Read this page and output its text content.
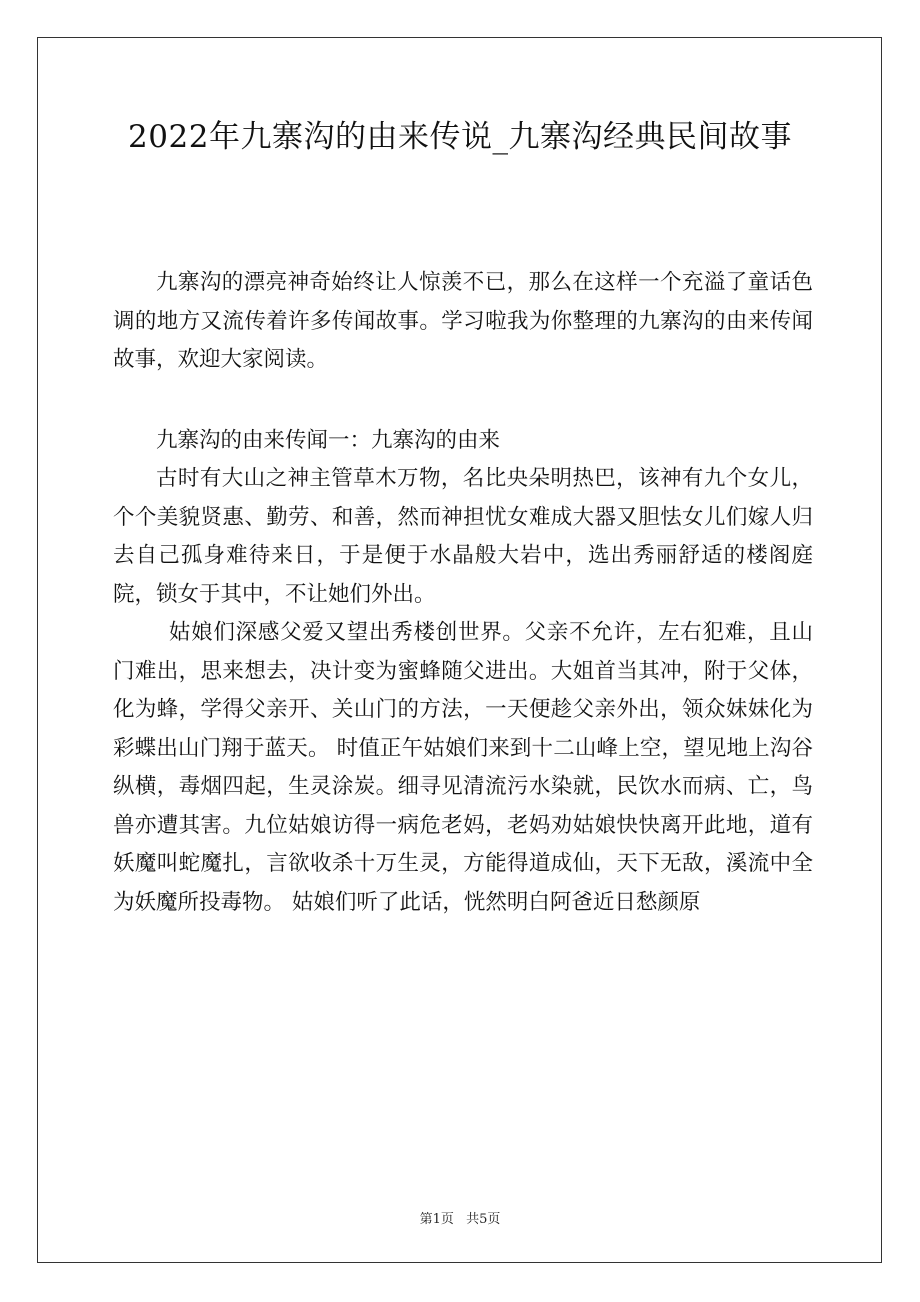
2022年九寨沟的由来传说_九寨沟经典民间故事

九寨沟的漂亮神奇始终让人惊羡不已，那么在这样一个充溢了童话色调的地方又流传着许多传闻故事。学习啦我为你整理的九寨沟的由来传闻故事，欢迎大家阅读。

九寨沟的由来传闻一：九寨沟的由来

古时有大山之神主管草木万物，名比央朵明热巴，该神有九个女儿，个个美貌贤惠、勤劳、和善，然而神担忧女难成大器又胆怯女儿们嫁人归去自己孤身难待来日，于是便于水晶般大岩中，选出秀丽舒适的楼阁庭院，锁女于其中，不让她们外出。

姑娘们深感父爱又望出秀楼创世界。父亲不允许，左右犯难，且山门难出，思来想去，决计变为蜜蜂随父进出。大姐首当其冲，附于父体，化为蜂，学得父亲开、关山门的方法，一天便趁父亲外出，领众妹妹化为彩蝶出山门翔于蓝天。 时值正午姑娘们来到十二山峰上空，望见地上沟谷纵横，毒烟四起，生灵涂炭。细寻见清流污水染就，民饮水而病、亡，鸟兽亦遭其害。九位姑娘访得一病危老妈，老妈劝姑娘快快离开此地，道有妖魔叫蛇魔扎，言欲收杀十万生灵，方能得道成仙，天下无敌，溪流中全为妖魔所投毒物。 姑娘们听了此话，恍然明白阿爸近日愁颜原

第1页 共5页
